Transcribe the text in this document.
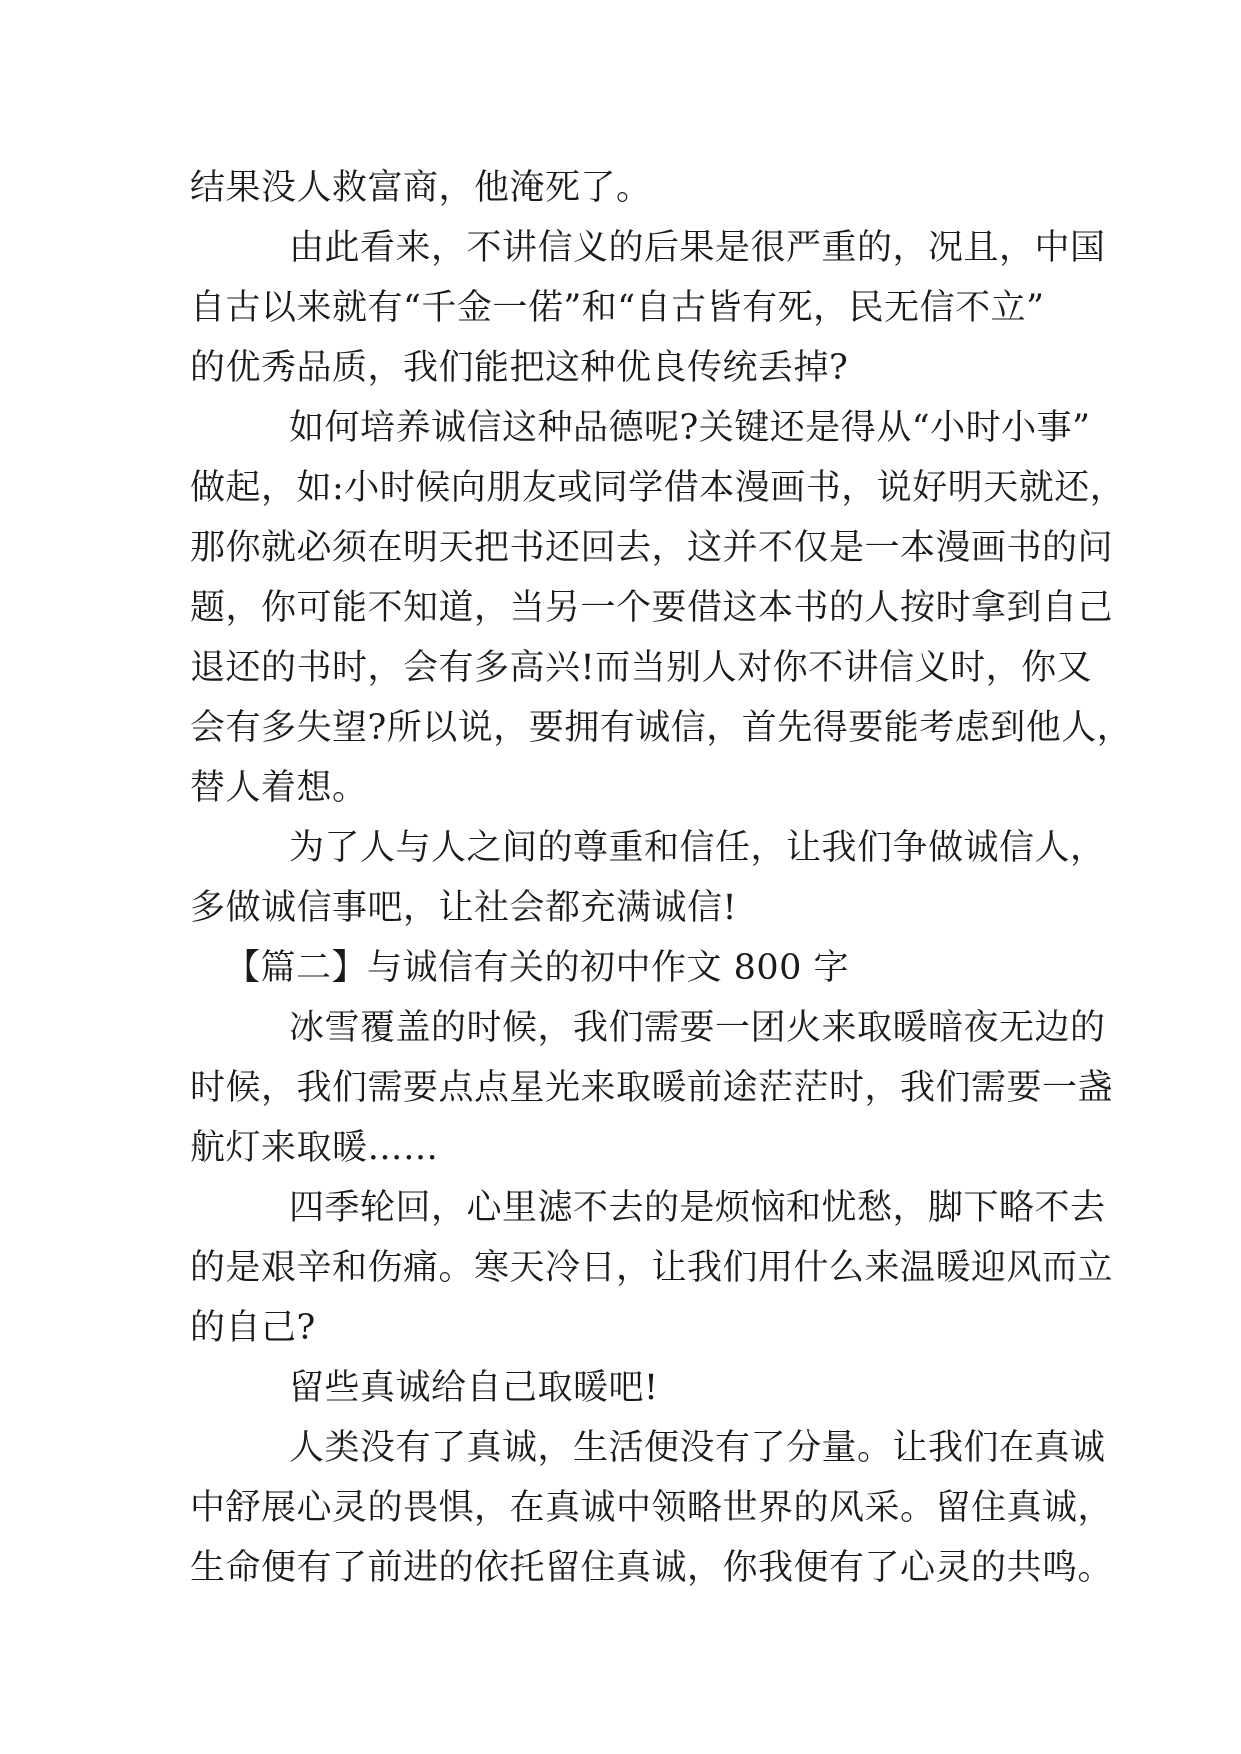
结果没人救富商，他淹死了。
由此看来，不讲信义的后果是很严重的，况且，中国
自古以来就有“千金一偌”和“自古皆有死，民无信不立”
的优秀品质，我们能把这种优良传统丢掉?
如何培养诚信这种品德呢?关键还是得从“小时小事”
做起，如:小时候向朋友或同学借本漫画书，说好明天就还，
那你就必须在明天把书还回去，这并不仅是一本漫画书的问
题，你可能不知道，当另一个要借这本书的人按时拿到自己
退还的书时，会有多高兴!而当别人对你不讲信义时，你又
会有多失望?所以说，要拥有诚信，首先得要能考虑到他人，
替人着想。
为了人与人之间的尊重和信任，让我们争做诚信人，
多做诚信事吧，让社会都充满诚信!
【篇二】与诚信有关的初中作文 800 字
冰雪覆盖的时候，我们需要一团火来取暖暗夜无边的
时候，我们需要点点星光来取暖前途茫茫时，我们需要一盏
航灯来取暖……
四季轮回，心里滤不去的是烦恼和忧愁，脚下略不去
的是艰辛和伤痛。寒天冷日，让我们用什么来温暖迎风而立
的自己?
留些真诚给自己取暖吧!
人类没有了真诚，生活便没有了分量。让我们在真诚
中舒展心灵的畏惧，在真诚中领略世界的风采。留住真诚，
生命便有了前进的依托留住真诚，你我便有了心灵的共鸣。
